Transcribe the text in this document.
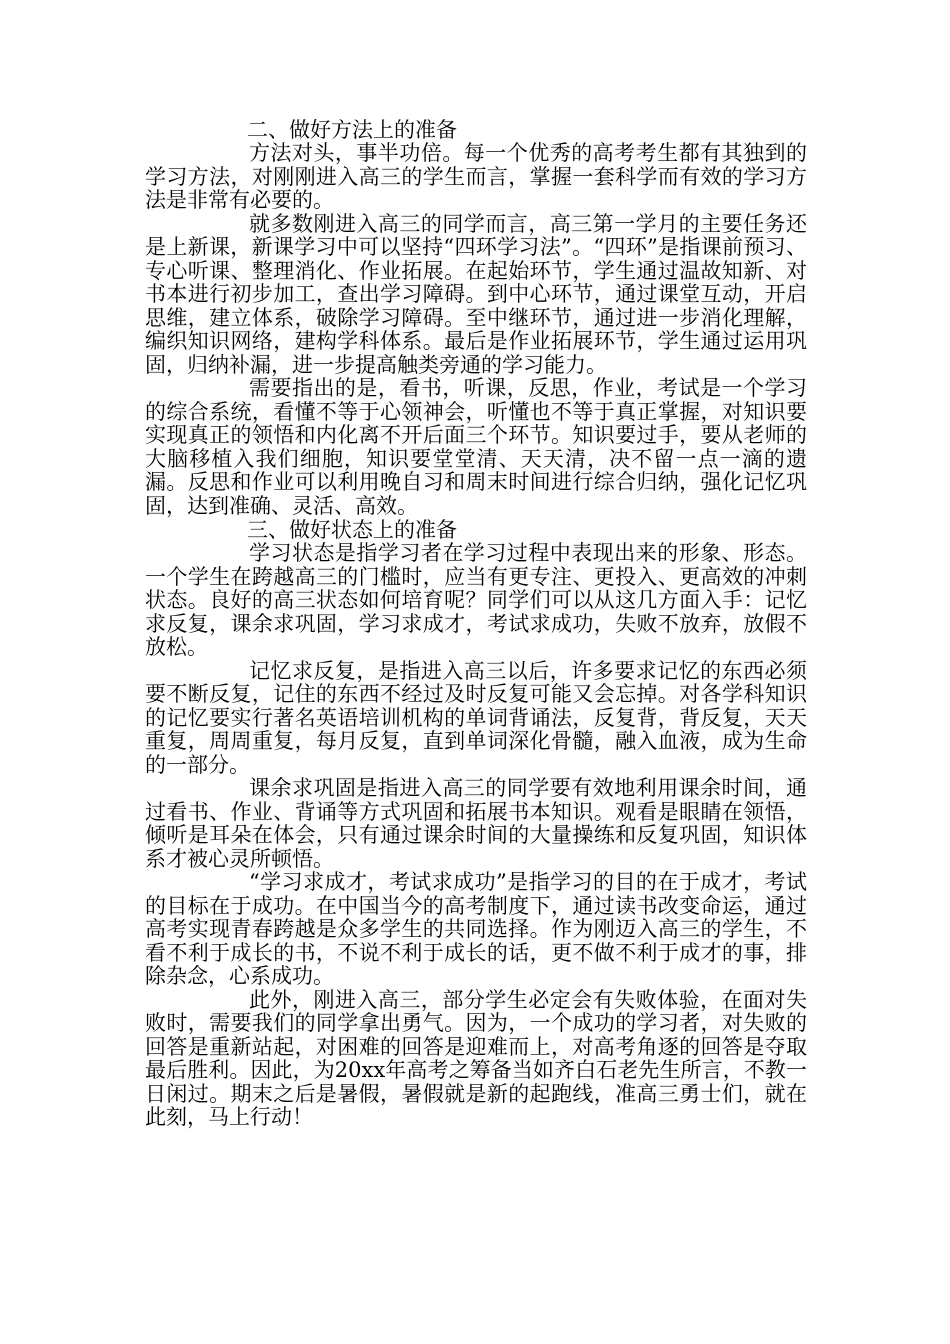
二、做好方法上的准备

方法对头，事半功倍。每一个优秀的高考考生都有其独到的学习方法，对刚刚进入高三的学生而言，掌握一套科学而有效的学习方法是非常有必要的。

就多数刚进入高三的同学而言，高三第一学月的主要任务还是上新课，新课学习中可以坚持“四环学习法”。“四环”是指课前预习、专心听课、整理消化、作业拓展。在起始环节，学生通过温故知新、对书本进行初步加工，查出学习障碍。到中心环节，通过课堂互动，开启思维，建立体系，破除学习障碍。至中继环节，通过进一步消化理解，编织知识网络，建构学科体系。最后是作业拓展环节，学生通过运用巩固，归纳补漏，进一步提高触类旁通的学习能力。

需要指出的是，看书，听课，反思，作业，考试是一个学习的综合系统，看懂不等于心领神会，听懂也不等于真正掌握，对知识要实现真正的领悟和内化离不开后面三个环节。知识要过手，要从老师的大脑移植入我们细胞，知识要堂堂清、天天清，决不留一点一滴的遗漏。反思和作业可以利用晚自习和周末时间进行综合归纳，强化记忆巩固，达到准确、灵活、高效。

三、做好状态上的准备

学习状态是指学习者在学习过程中表现出来的形象、形态。一个学生在跨越高三的门槛时，应当有更专注、更投入、更高效的冲刺状态。良好的高三状态如何培育呢？同学们可以从这几方面入手：记忆求反复，课余求巩固，学习求成才，考试求成功，失败不放弃，放假不放松。

记忆求反复，是指进入高三以后，许多要求记忆的东西必须要不断反复，记住的东西不经过及时反复可能又会忘掉。对各学科知识的记忆要实行著名英语培训机构的单词背诵法，反复背，背反复，天天重复，周周重复，每月反复，直到单词深化骨髓，融入血液，成为生命的一部分。

课余求巩固是指进入高三的同学要有效地利用课余时间，通过看书、作业、背诵等方式巩固和拓展书本知识。观看是眼睛在领悟，倾听是耳朵在体会，只有通过课余时间的大量操练和反复巩固，知识体系才被心灵所顿悟。

“学习求成才，考试求成功”是指学习的目的在于成才，考试的目标在于成功。在中国当今的高考制度下，通过读书改变命运，通过高考实现青春跨越是众多学生的共同选择。作为刚迈入高三的学生，不看不利于成长的书，不说不利于成长的话，更不做不利于成才的事，排除杂念，心系成功。

此外，刚进入高三，部分学生必定会有失败体验，在面对失败时，需要我们的同学拿出勇气。因为，一个成功的学习者，对失败的回答是重新站起，对困难的回答是迎难而上，对高考角逐的回答是夺取最后胜利。因此，为20xx年高考之筹备当如齐白石老先生所言，不教一日闲过。期末之后是暑假，暑假就是新的起跑线，准高三勇士们，就在此刻，马上行动！
